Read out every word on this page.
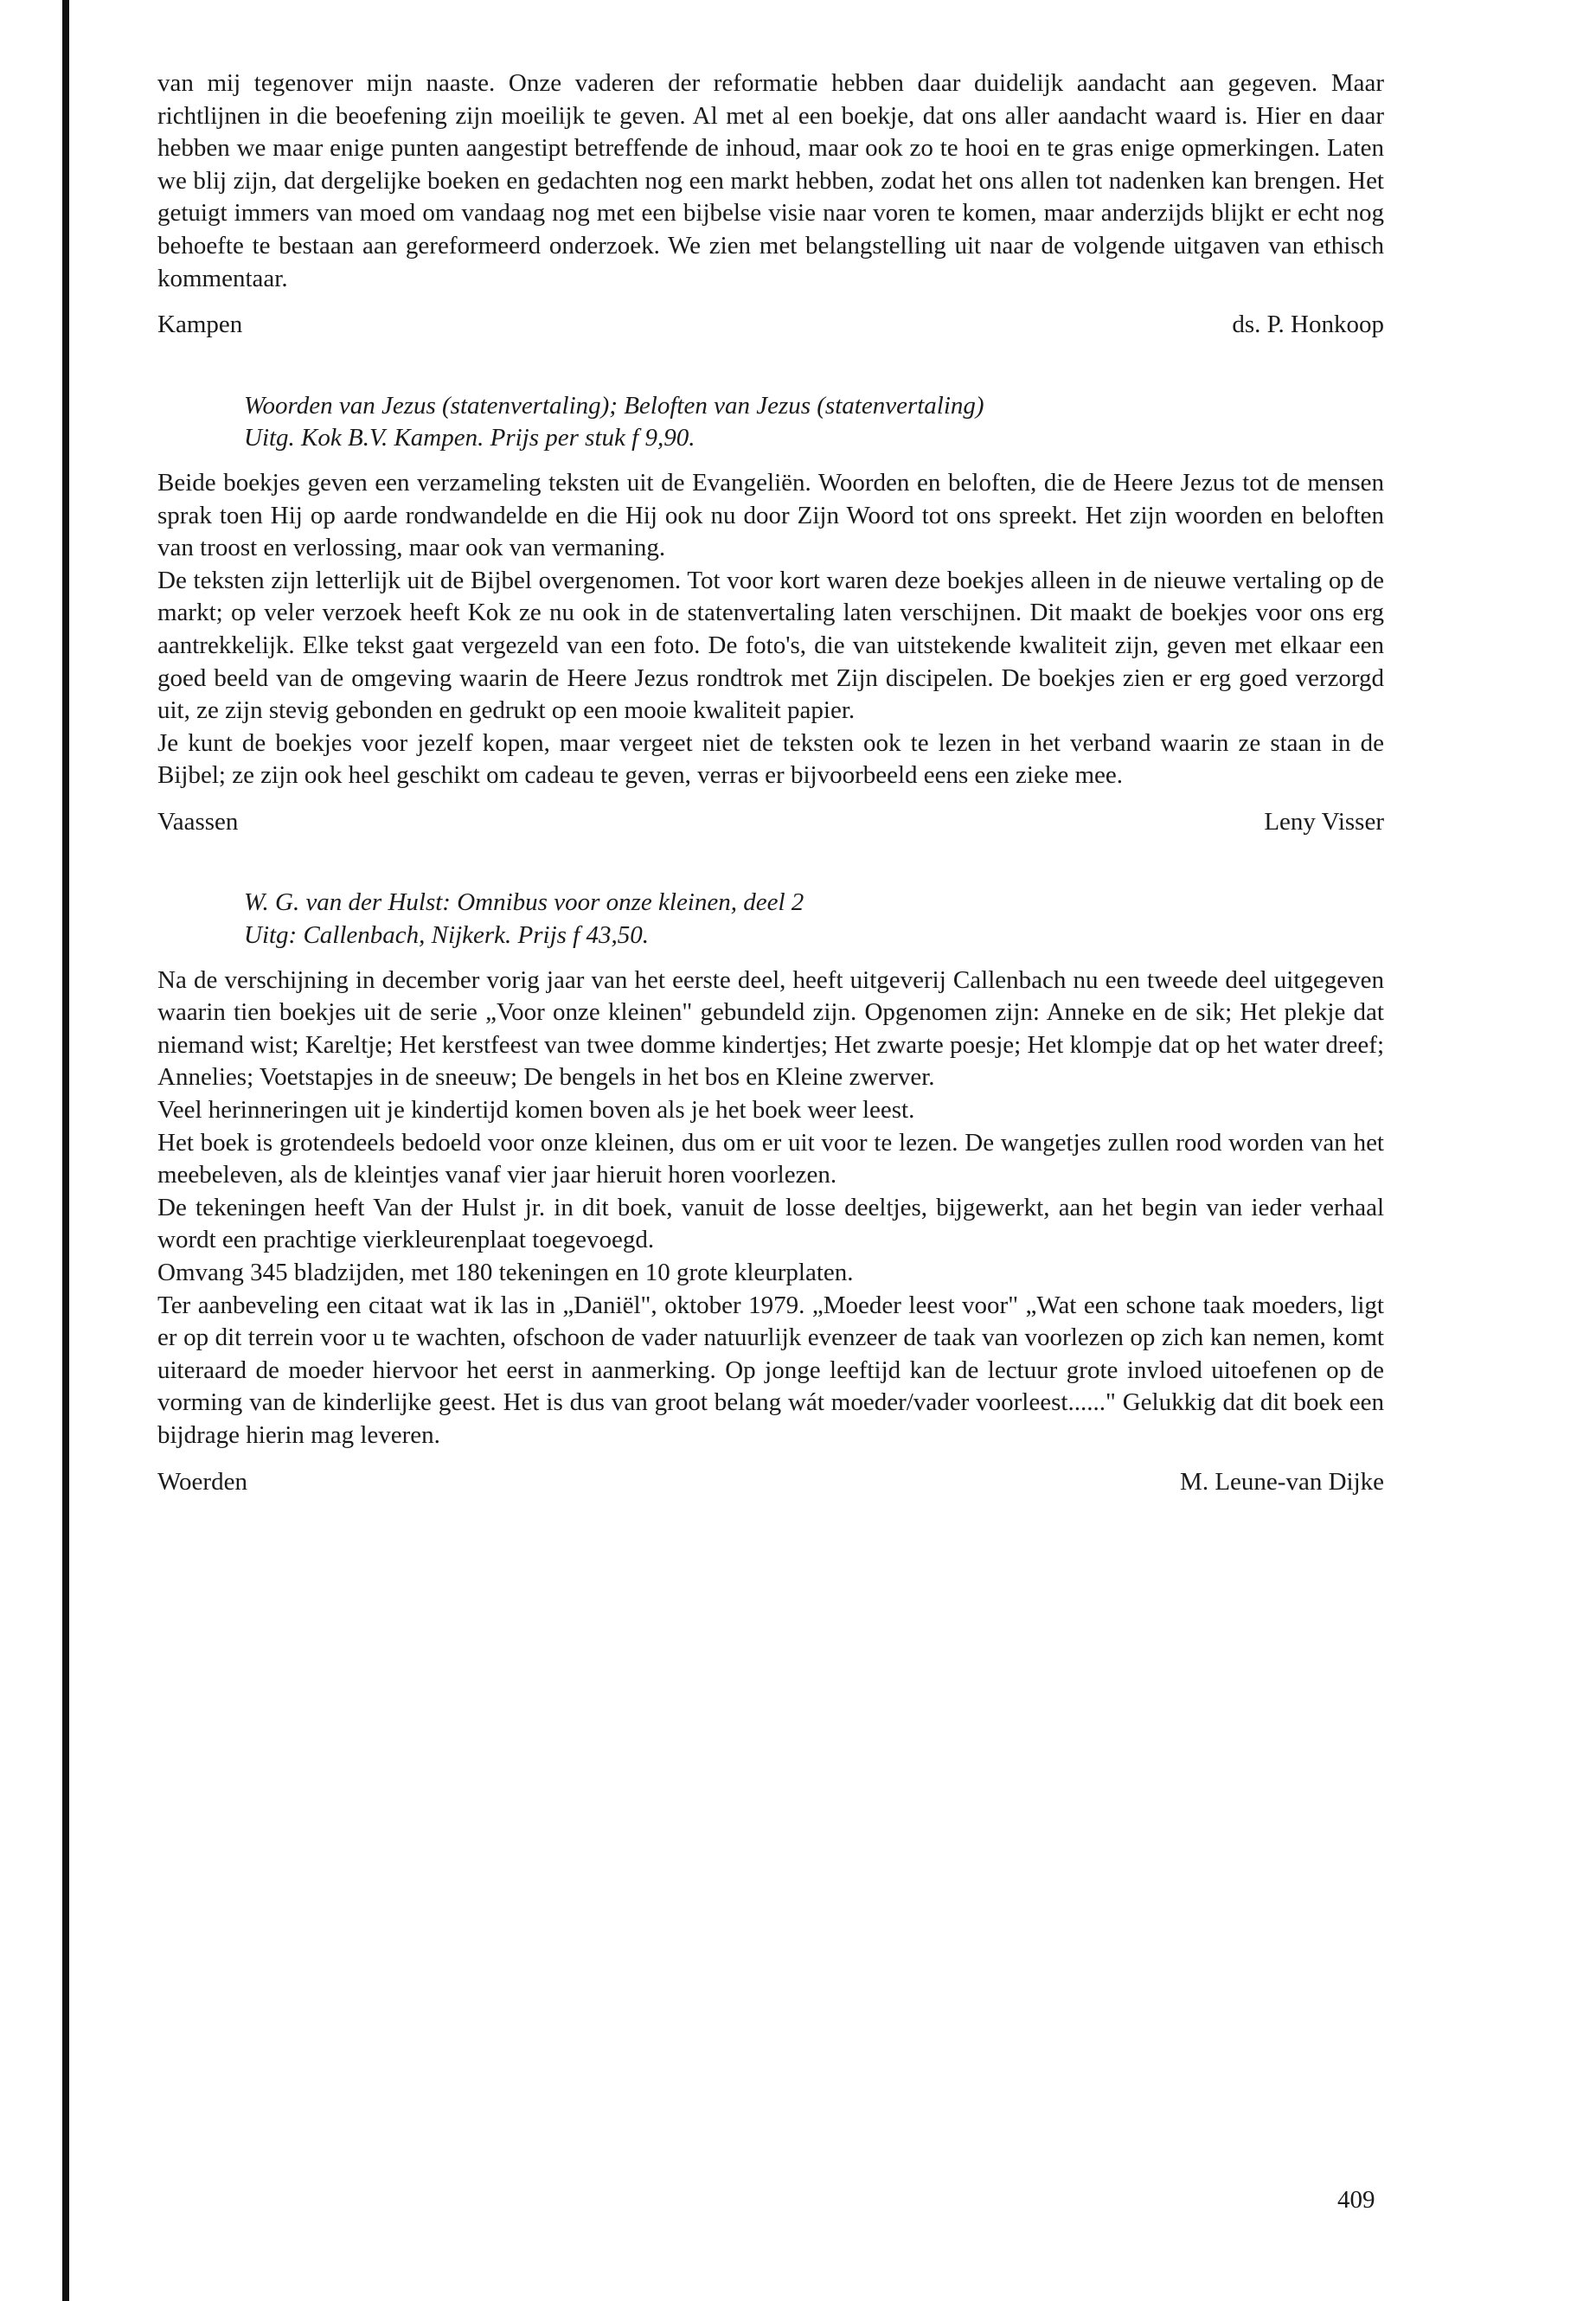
van mij tegenover mijn naaste. Onze vaderen der reformatie hebben daar duidelijk aandacht aan gegeven. Maar richtlijnen in die beoefening zijn moeilijk te geven. Al met al een boekje, dat ons aller aandacht waard is. Hier en daar hebben we maar enige punten aangestipt betreffende de inhoud, maar ook zo te hooi en te gras enige opmerkingen. Laten we blij zijn, dat dergelijke boeken en gedachten nog een markt hebben, zodat het ons allen tot nadenken kan brengen. Het getuigt immers van moed om vandaag nog met een bijbelse visie naar voren te komen, maar anderzijds blijkt er echt nog behoefte te bestaan aan gereformeerd onderzoek. We zien met belangstelling uit naar de volgende uitgaven van ethisch kommentaar.

Kampen	ds. P. Honkoop
Woorden van Jezus (statenvertaling); Beloften van Jezus (statenvertaling)
Uitg. Kok B.V. Kampen. Prijs per stuk f 9,90.

Beide boekjes geven een verzameling teksten uit de Evangeliën. Woorden en beloften, die de Heere Jezus tot de mensen sprak toen Hij op aarde rondwandelde en die Hij ook nu door Zijn Woord tot ons spreekt. Het zijn woorden en beloften van troost en verlossing, maar ook van vermaning.

De teksten zijn letterlijk uit de Bijbel overgenomen. Tot voor kort waren deze boekjes alleen in de nieuwe vertaling op de markt; op veler verzoek heeft Kok ze nu ook in de statenvertaling laten verschijnen. Dit maakt de boekjes voor ons erg aantrekkelijk. Elke tekst gaat vergezeld van een foto. De foto's, die van uitstekende kwaliteit zijn, geven met elkaar een goed beeld van de omgeving waarin de Heere Jezus rondtrok met Zijn discipelen. De boekjes zien er erg goed verzorgd uit, ze zijn stevig gebonden en gedrukt op een mooie kwaliteit papier.

Je kunt de boekjes voor jezelf kopen, maar vergeet niet de teksten ook te lezen in het verband waarin ze staan in de Bijbel; ze zijn ook heel geschikt om cadeau te geven, verras er bijvoorbeeld eens een zieke mee.

Vaassen	Leny Visser
W. G. van der Hulst: Omnibus voor onze kleinen, deel 2
Uitg: Callenbach, Nijkerk. Prijs f 43,50.

Na de verschijning in december vorig jaar van het eerste deel, heeft uitgeverij Callenbach nu een tweede deel uitgegeven waarin tien boekjes uit de serie „Voor onze kleinen" gebundeld zijn. Opgenomen zijn: Anneke en de sik; Het plekje dat niemand wist; Kareltje; Het kerstfeest van twee domme kindertjes; Het zwarte poesje; Het klompje dat op het water dreef; Annelies; Voetstapjes in de sneeuw; De bengels in het bos en Kleine zwerver.

Veel herinneringen uit je kindertijd komen boven als je het boek weer leest.

Het boek is grotendeels bedoeld voor onze kleinen, dus om er uit voor te lezen. De wangetjes zullen rood worden van het meebeleven, als de kleintjes vanaf vier jaar hieruit horen voorlezen.

De tekeningen heeft Van der Hulst jr. in dit boek, vanuit de losse deeltjes, bijgewerkt, aan het begin van ieder verhaal wordt een prachtige vierkleurenplaat toegevoegd.

Omvang 345 bladzijden, met 180 tekeningen en 10 grote kleurplaten.

Ter aanbeveling een citaat wat ik las in „Daniël", oktober 1979. „Moeder leest voor" „Wat een schone taak moeders, ligt er op dit terrein voor u te wachten, ofschoon de vader natuurlijk evenzeer de taak van voorlezen op zich kan nemen, komt uiteraard de moeder hiervoor het eerst in aanmerking. Op jonge leeftijd kan de lectuur grote invloed uitoefenen op de vorming van de kinderlijke geest. Het is dus van groot belang wát moeder/vader voorleest......" Gelukkig dat dit boek een bijdrage hierin mag leveren.

Woerden	M. Leune-van Dijke
409
